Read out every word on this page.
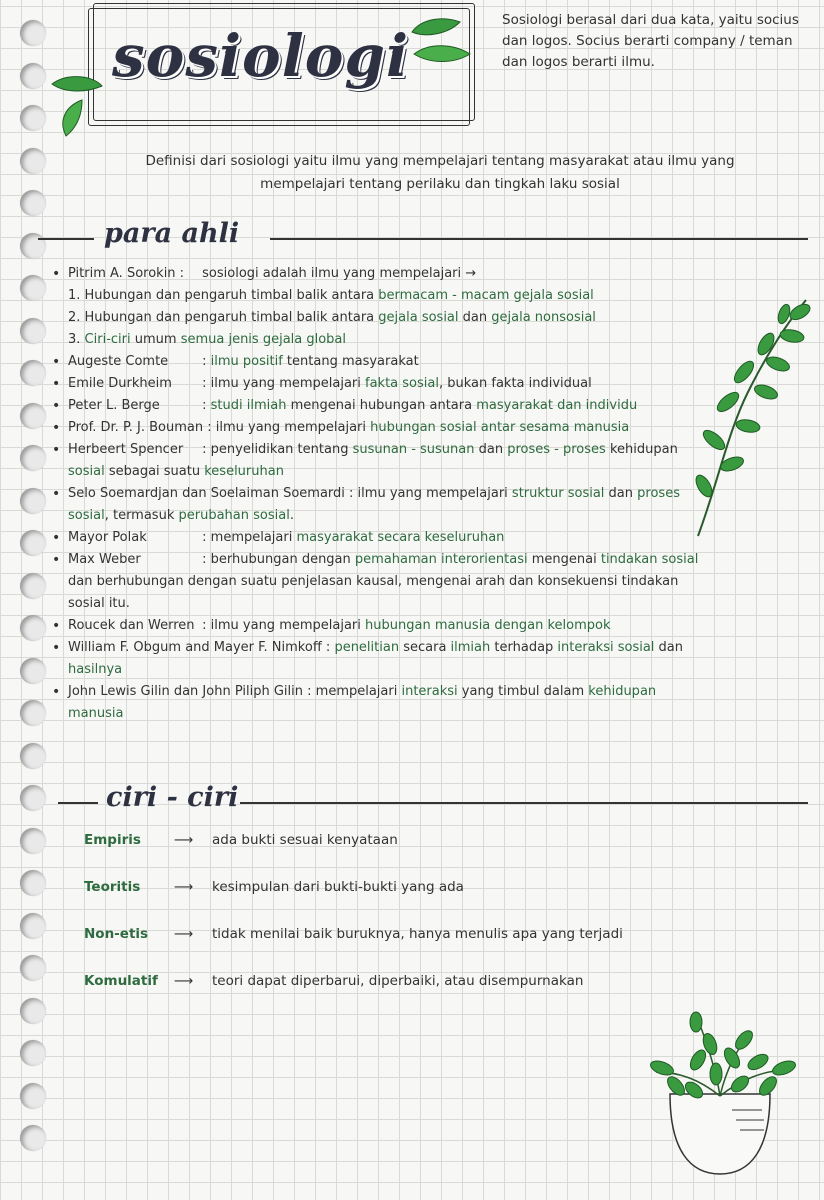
sosiologi
Sosiologi berasal dari dua kata, yaitu socius dan logos. Socius berarti company / teman dan logos berarti ilmu.
Definisi dari sosiologi yaitu ilmu yang mempelajari tentang masyarakat atau ilmu yang mempelajari tentang perilaku dan tingkah laku sosial
para ahli
• Pitrim A. Sorokin : sosiologi adalah ilmu yang mempelajari →
1. Hubungan dan pengaruh timbal balik antara bermacam - macam gejala sosial
2. Hubungan dan pengaruh timbal balik antara gejala sosial dan gejala nonsosial
3. Ciri-ciri umum semua jenis gejala global
• Augeste Comte	: ilmu positif tentang masyarakat
• Emile Durkheim : ilmu yang mempelajari fakta sosial, bukan fakta individual
• Peter L. Berge	: studi ilmiah mengenai hubungan antara masyarakat dan individu
• Prof. Dr. P. J. Bouman : ilmu yang mempelajari hubungan sosial antar sesama manusia
• Herbeert Spencer : penyelidikan tentang susunan - susunan dan proses - proses kehidupan sosial sebagai suatu keseluruhan
• Selo Soemardjan dan Soelaiman Soemardi : ilmu yang mempelajari struktur sosial dan proses sosial, termasuk perubahan sosial.
• Mayor Polak	: mempelajari masyarakat secara keseluruhan
• Max Weber	: berhubungan dengan pemahaman interorientasi mengenai tindakan sosial dan berhubungan dengan suatu penjelasan kausal, mengenai arah dan konsekuensi tindakan sosial itu.
• Roucek dan Werren : ilmu yang mempelajari hubungan manusia dengan kelompok
• William F. Obgum and Mayer F. Nimkoff : penelitian secara ilmiah terhadap interaksi sosial dan hasilnya
• John Lewis Gilin dan John Piliph Gilin : mempelajari interaksi yang timbul dalam kehidupan manusia
ciri - ciri
Empiris ⟶ ada bukti sesuai kenyataan
Teoritis	⟶ kesimpulan dari bukti-bukti yang ada
Non-etis ⟶ tidak menilai baik buruknya, hanya menulis apa yang terjadi
Komulatif ⟶ teori dapat diperbarui, diperbaiki, atau disempurnakan
